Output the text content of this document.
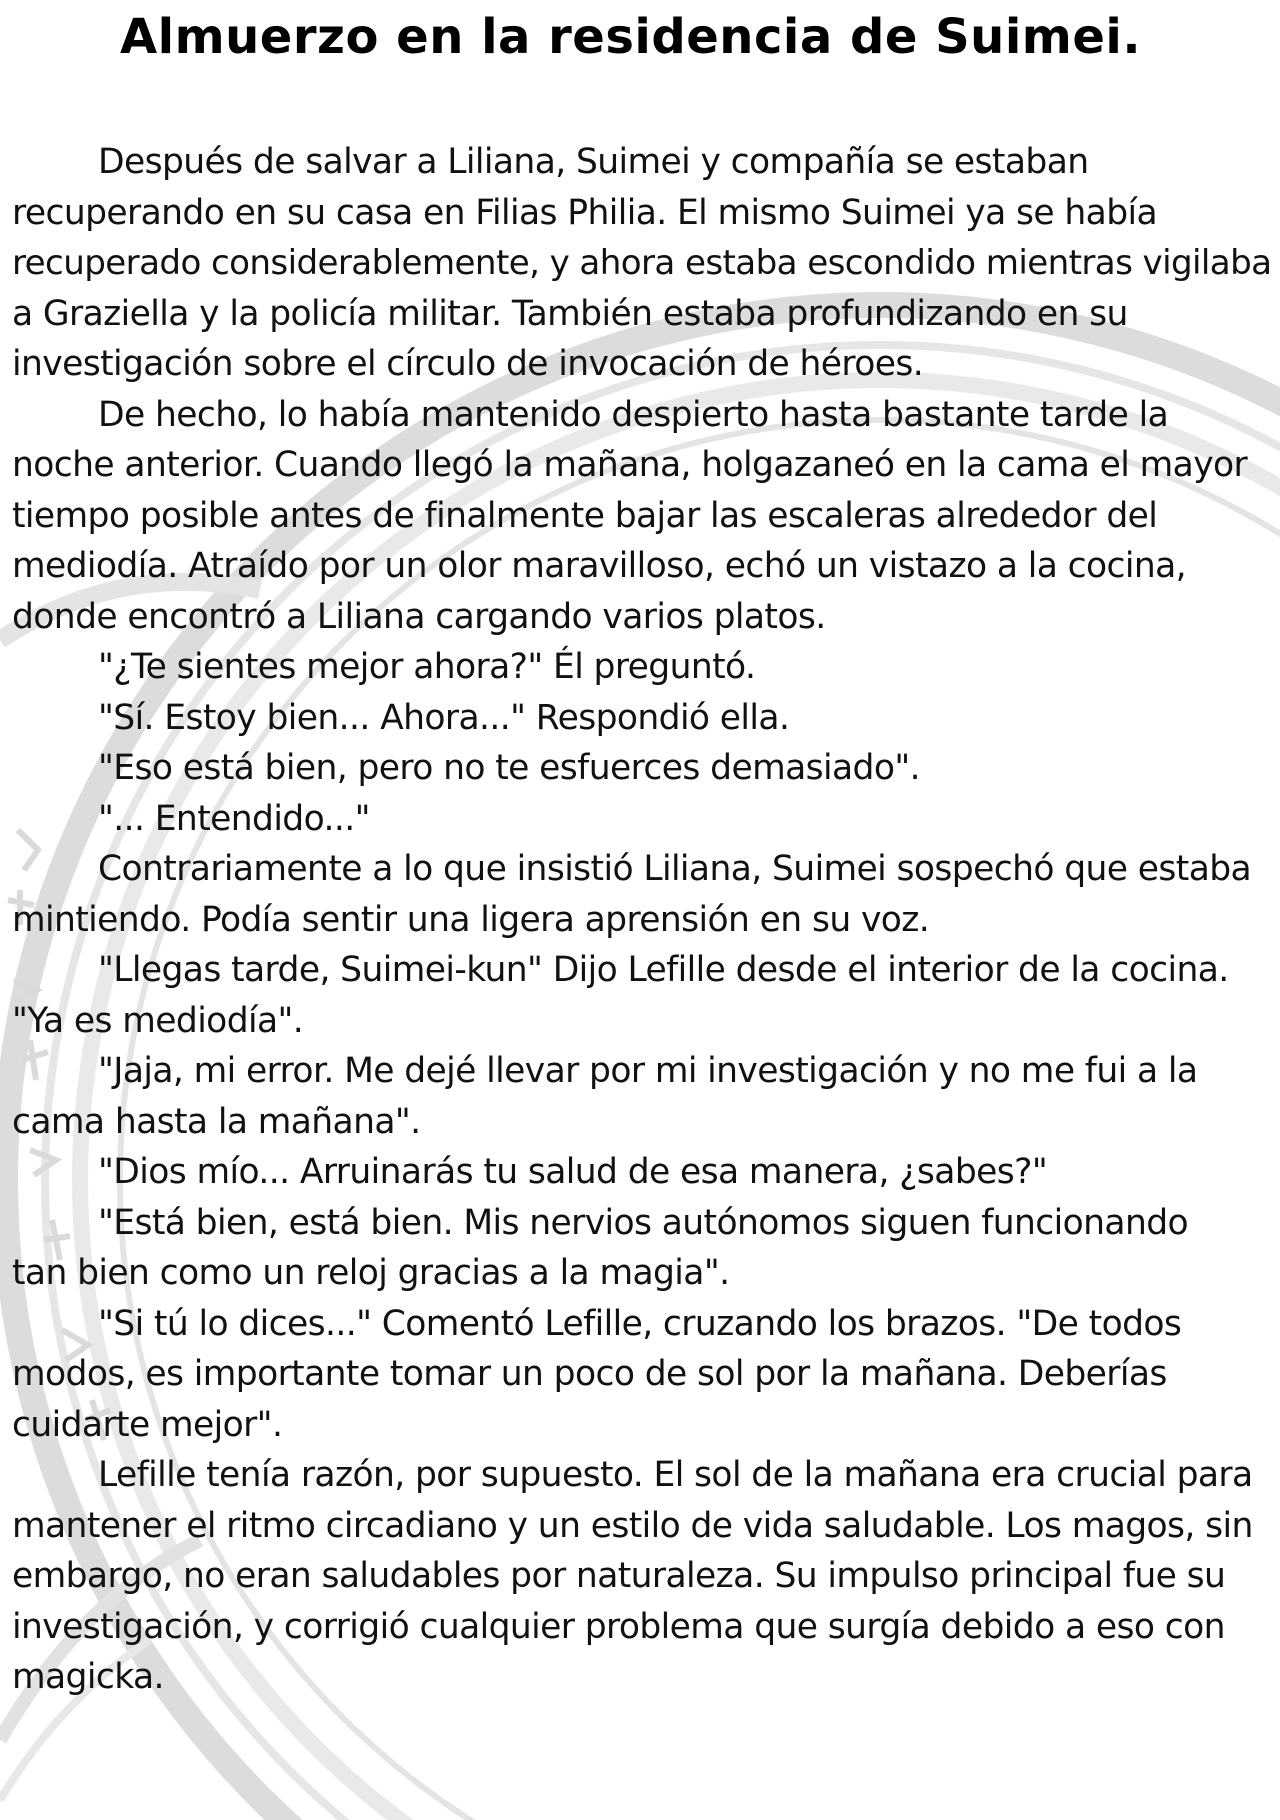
Almuerzo en la residencia de Suimei.
Después de salvar a Liliana, Suimei y compañía se estaban
recuperando en su casa en Filias Philia. El mismo Suimei ya se había
recuperado considerablemente, y ahora estaba escondido mientras vigilaba
a Graziella y la policía militar. También estaba profundizando en su
investigación sobre el círculo de invocación de héroes.
De hecho, lo había mantenido despierto hasta bastante tarde la
noche anterior. Cuando llegó la mañana, holgazaneó en la cama el mayor
tiempo posible antes de finalmente bajar las escaleras alrededor del
mediodía. Atraído por un olor maravilloso, echó un vistazo a la cocina,
donde encontró a Liliana cargando varios platos.
"¿Te sientes mejor ahora?" Él preguntó.
"Sí. Estoy bien... Ahora..." Respondió ella.
"Eso está bien, pero no te esfuerces demasiado".
"... Entendido..."
Contrariamente a lo que insistió Liliana, Suimei sospechó que estaba
mintiendo. Podía sentir una ligera aprensión en su voz.
"Llegas tarde, Suimei-kun" Dijo Lefille desde el interior de la cocina.
"Ya es mediodía".
"Jaja, mi error. Me dejé llevar por mi investigación y no me fui a la
cama hasta la mañana".
"Dios mío... Arruinarás tu salud de esa manera, ¿sabes?"
"Está bien, está bien. Mis nervios autónomos siguen funcionando
tan bien como un reloj gracias a la magia".
"Si tú lo dices..." Comentó Lefille, cruzando los brazos. "De todos
modos, es importante tomar un poco de sol por la mañana. Deberías
cuidarte mejor".
Lefille tenía razón, por supuesto. El sol de la mañana era crucial para
mantener el ritmo circadiano y un estilo de vida saludable. Los magos, sin
embargo, no eran saludables por naturaleza. Su impulso principal fue su
investigación, y corrigió cualquier problema que surgía debido a eso con
magicka.
